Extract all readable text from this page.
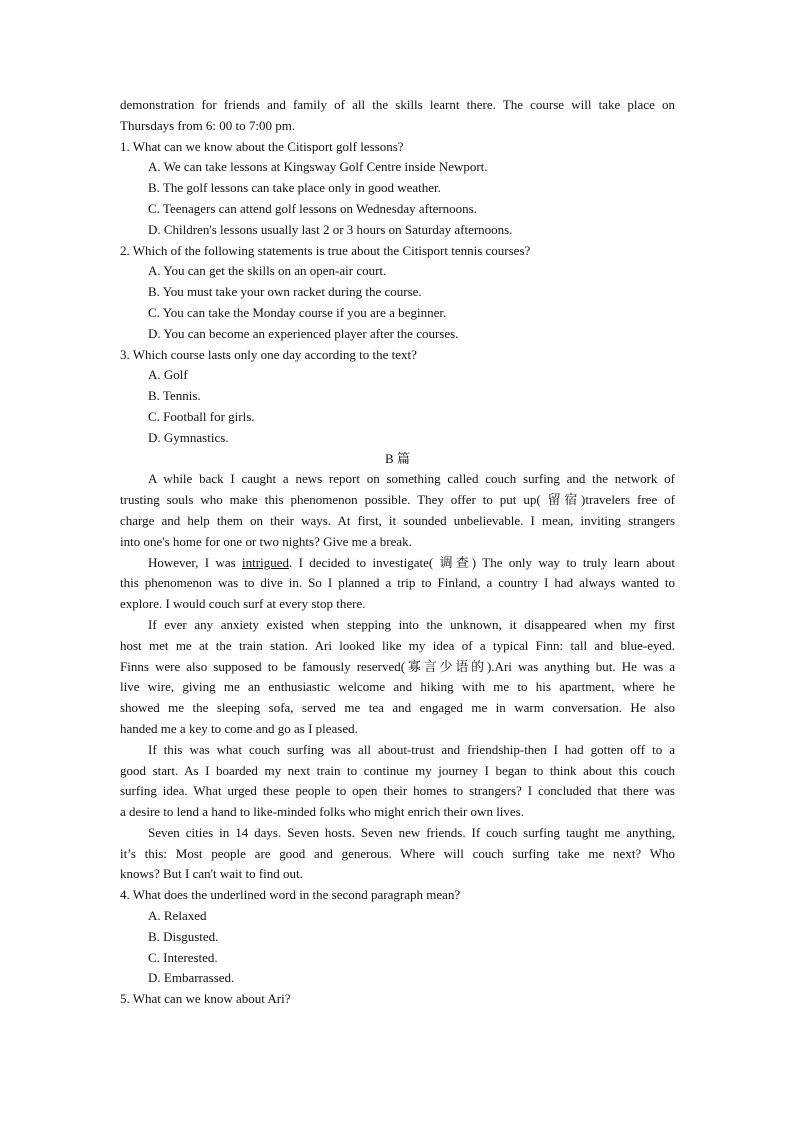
demonstration for friends and family of all the skills learnt there. The course will take place on
Thursdays from 6: 00 to 7:00 pm.
1. What can we know about the Citisport golf lessons?
A. We can take lessons at Kingsway Golf Centre inside Newport.
B. The golf lessons can take place only in good weather.
C. Teenagers can attend golf lessons on Wednesday afternoons.
D. Children's lessons usually last 2 or 3 hours on Saturday afternoons.
2. Which of the following statements is true about the Citisport tennis courses?
A. You can get the skills on an open-air court.
B. You must take your own racket during the course.
C. You can take the Monday course if you are a beginner.
D. You can become an experienced player after the courses.
3. Which course lasts only one day according to the text?
A. Golf
B. Tennis.
C. Football for girls.
D. Gymnastics.
B 篇
A while back I caught a news report on something called couch surfing and the network of
trusting souls who make this phenomenon possible. They offer to put up( 留宿)travelers free of
charge and help them on their ways. At first, it sounded unbelievable. I mean, inviting strangers
into one's home for one or two nights? Give me a break.
However, I was intrigued. I decided to investigate( 调查) The only way to truly learn about
this phenomenon was to dive in. So I planned a trip to Finland, a country I had always wanted to
explore. I would couch surf at every stop there.
If ever any anxiety existed when stepping into the unknown, it disappeared when my first
host met me at the train station. Ari looked like my idea of a typical Finn: tall and blue-eyed.
Finns were also supposed to be famously reserved(寡言少语的).Ari was anything but. He was a
live wire, giving me an enthusiastic welcome and hiking with me to his apartment, where he
showed me the sleeping sofa, served me tea and engaged me in warm conversation. He also
handed me a key to come and go as I pleased.
If this was what couch surfing was all about-trust and friendship-then I had gotten off to a
good start. As I boarded my next train to continue my journey I began to think about this couch
surfing idea. What urged these people to open their homes to strangers? I concluded that there was
a desire to lend a hand to like-minded folks who might enrich their own lives.
Seven cities in 14 days. Seven hosts. Seven new friends. If couch surfing taught me anything,
it’s this: Most people are good and generous. Where will couch surfing take me next? Who
knows? But I can't wait to find out.
4. What does the underlined word in the second paragraph mean?
A. Relaxed
B. Disgusted.
C. Interested.
D. Embarrassed.
5. What can we know about Ari?
